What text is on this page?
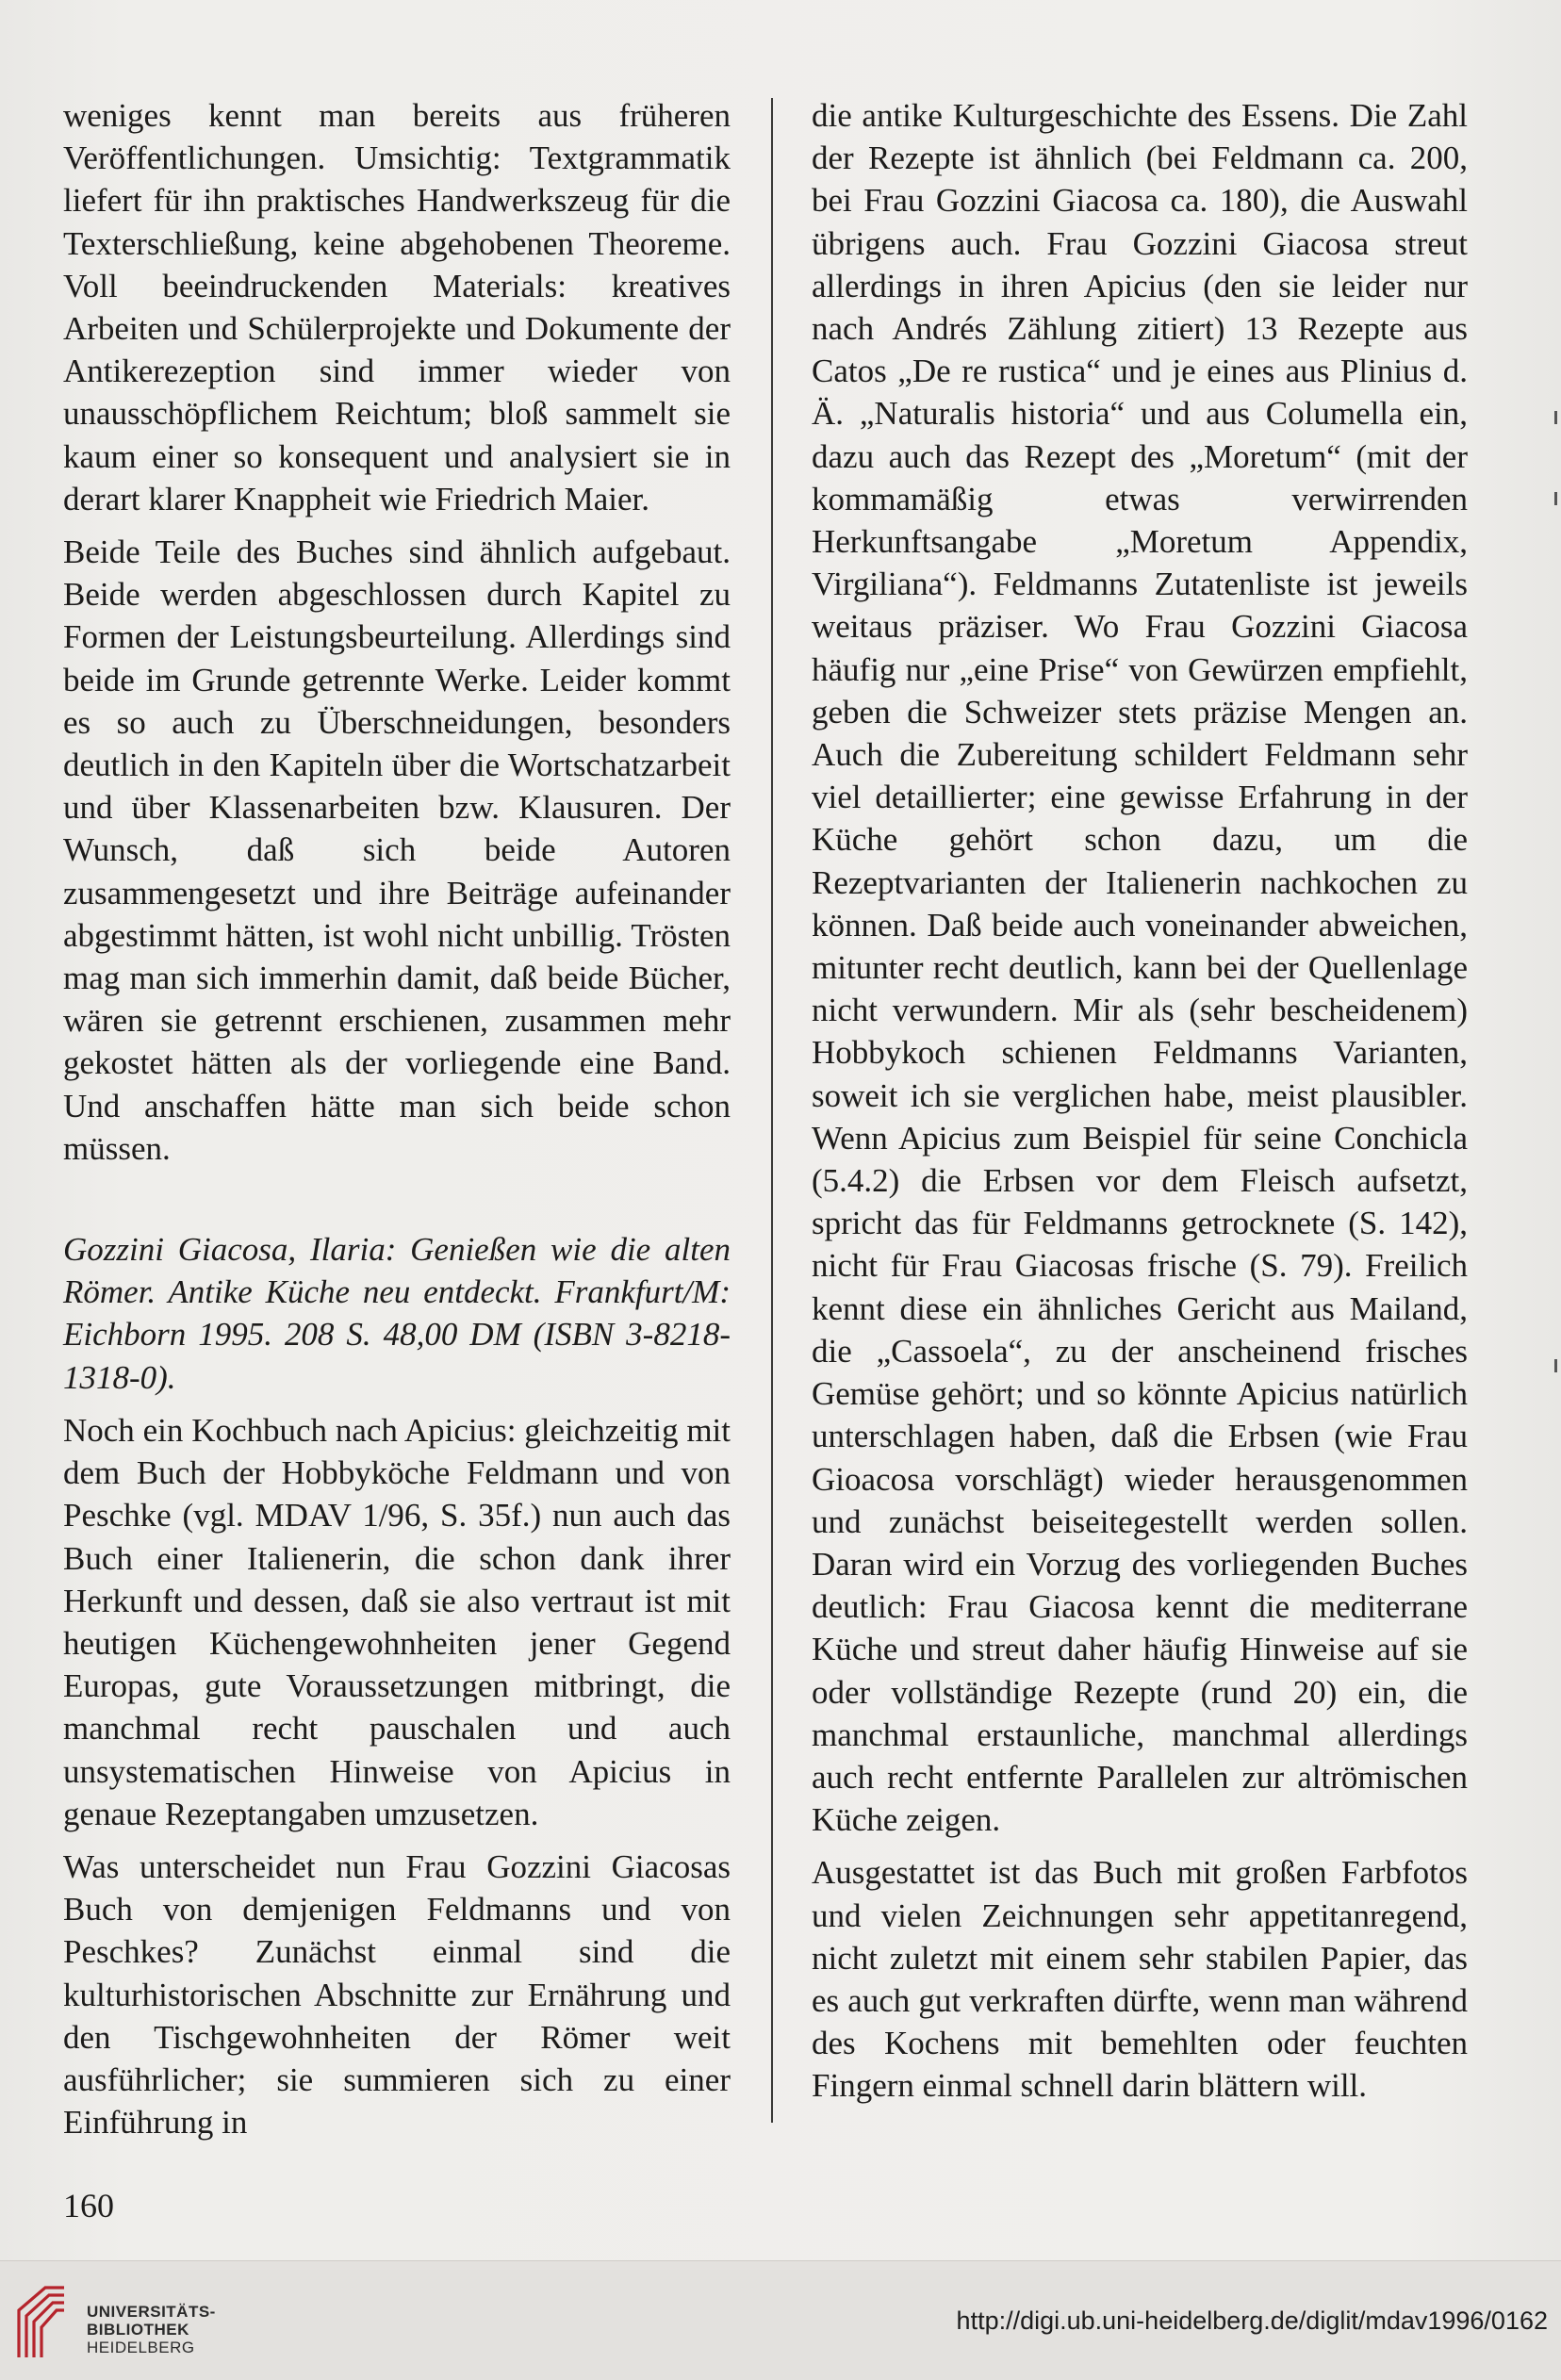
weniges kennt man bereits aus früheren Veröffentlichungen. Umsichtig: Textgrammatik liefert für ihn praktisches Handwerkszeug für die Texterschließung, keine abgehobenen Theoreme. Voll beeindruckenden Materials: kreatives Arbeiten und Schülerprojekte und Dokumente der Antikerezeption sind immer wieder von unausschöpflichem Reichtum; bloß sammelt sie kaum einer so konsequent und analysiert sie in derart klarer Knappheit wie Friedrich Maier.

Beide Teile des Buches sind ähnlich aufgebaut. Beide werden abgeschlossen durch Kapitel zu Formen der Leistungsbeurteilung. Allerdings sind beide im Grunde getrennte Werke. Leider kommt es so auch zu Überschneidungen, besonders deutlich in den Kapiteln über die Wortschatzarbeit und über Klassenarbeiten bzw. Klausuren. Der Wunsch, daß sich beide Autoren zusammengesetzt und ihre Beiträge aufeinander abgestimmt hätten, ist wohl nicht unbillig. Trösten mag man sich immerhin damit, daß beide Bücher, wären sie getrennt erschienen, zusammen mehr gekostet hätten als der vorliegende eine Band. Und anschaffen hätte man sich beide schon müssen.

Gozzini Giacosa, Ilaria: Genießen wie die alten Römer. Antike Küche neu entdeckt. Frankfurt/M: Eichborn 1995. 208 S. 48,00 DM (ISBN 3-8218-1318-0).

Noch ein Kochbuch nach Apicius: gleichzeitig mit dem Buch der Hobbyköche Feldmann und von Peschke (vgl. MDAV 1/96, S. 35f.) nun auch das Buch einer Italienerin, die schon dank ihrer Herkunft und dessen, daß sie also vertraut ist mit heutigen Küchengewohnheiten jener Gegend Europas, gute Voraussetzungen mitbringt, die manchmal recht pauschalen und auch unsystematischen Hinweise von Apicius in genaue Rezeptangaben umzusetzen.

Was unterscheidet nun Frau Gozzini Giacosas Buch von demjenigen Feldmanns und von Peschkes? Zunächst einmal sind die kulturhistorischen Abschnitte zur Ernährung und den Tischgewohnheiten der Römer weit ausführlicher; sie summieren sich zu einer Einführung in

die antike Kulturgeschichte des Essens. Die Zahl der Rezepte ist ähnlich (bei Feldmann ca. 200, bei Frau Gozzini Giacosa ca. 180), die Auswahl übrigens auch. Frau Gozzini Giacosa streut allerdings in ihren Apicius (den sie leider nur nach Andrés Zählung zitiert) 13 Rezepte aus Catos „De re rustica“ und je eines aus Plinius d. Ä. „Naturalis historia“ und aus Columella ein, dazu auch das Rezept des „Moretum“ (mit der kommamäßig etwas verwirrenden Herkunftsangabe „Moretum Appendix, Virgiliana“). Feldmanns Zutatenliste ist jeweils weitaus präziser. Wo Frau Gozzini Giacosa häufig nur „eine Prise“ von Gewürzen empfiehlt, geben die Schweizer stets präzise Mengen an. Auch die Zubereitung schildert Feldmann sehr viel detaillierter; eine gewisse Erfahrung in der Küche gehört schon dazu, um die Rezeptvarianten der Italienerin nachkochen zu können. Daß beide auch voneinander abweichen, mitunter recht deutlich, kann bei der Quellenlage nicht verwundern. Mir als (sehr bescheidenem) Hobbykoch schienen Feldmanns Varianten, soweit ich sie verglichen habe, meist plausibler. Wenn Apicius zum Beispiel für seine Conchicla (5.4.2) die Erbsen vor dem Fleisch aufsetzt, spricht das für Feldmanns getrocknete (S. 142), nicht für Frau Giacosas frische (S. 79). Freilich kennt diese ein ähnliches Gericht aus Mailand, die „Cassoela“, zu der anscheinend frisches Gemüse gehört; und so könnte Apicius natürlich unterschlagen haben, daß die Erbsen (wie Frau Gioacosa vorschlägt) wieder herausgenommen und zunächst beiseitegestellt werden sollen. Daran wird ein Vorzug des vorliegenden Buches deutlich: Frau Giacosa kennt die mediterrane Küche und streut daher häufig Hinweise auf sie oder vollständige Rezepte (rund 20) ein, die manchmal erstaunliche, manchmal allerdings auch recht entfernte Parallelen zur altrömischen Küche zeigen.

Ausgestattet ist das Buch mit großen Farbfotos und vielen Zeichnungen sehr appetitanregend, nicht zuletzt mit einem sehr stabilen Papier, das es auch gut verkraften dürfte, wenn man während des Kochens mit bemehlten oder feuchten Fingern einmal schnell darin blättern will.

160
UNIVERSITÄTS-
BIBLIOTHEK
HEIDELBERG
http://digi.ub.uni-heidelberg.de/diglit/mdav1996/0162
